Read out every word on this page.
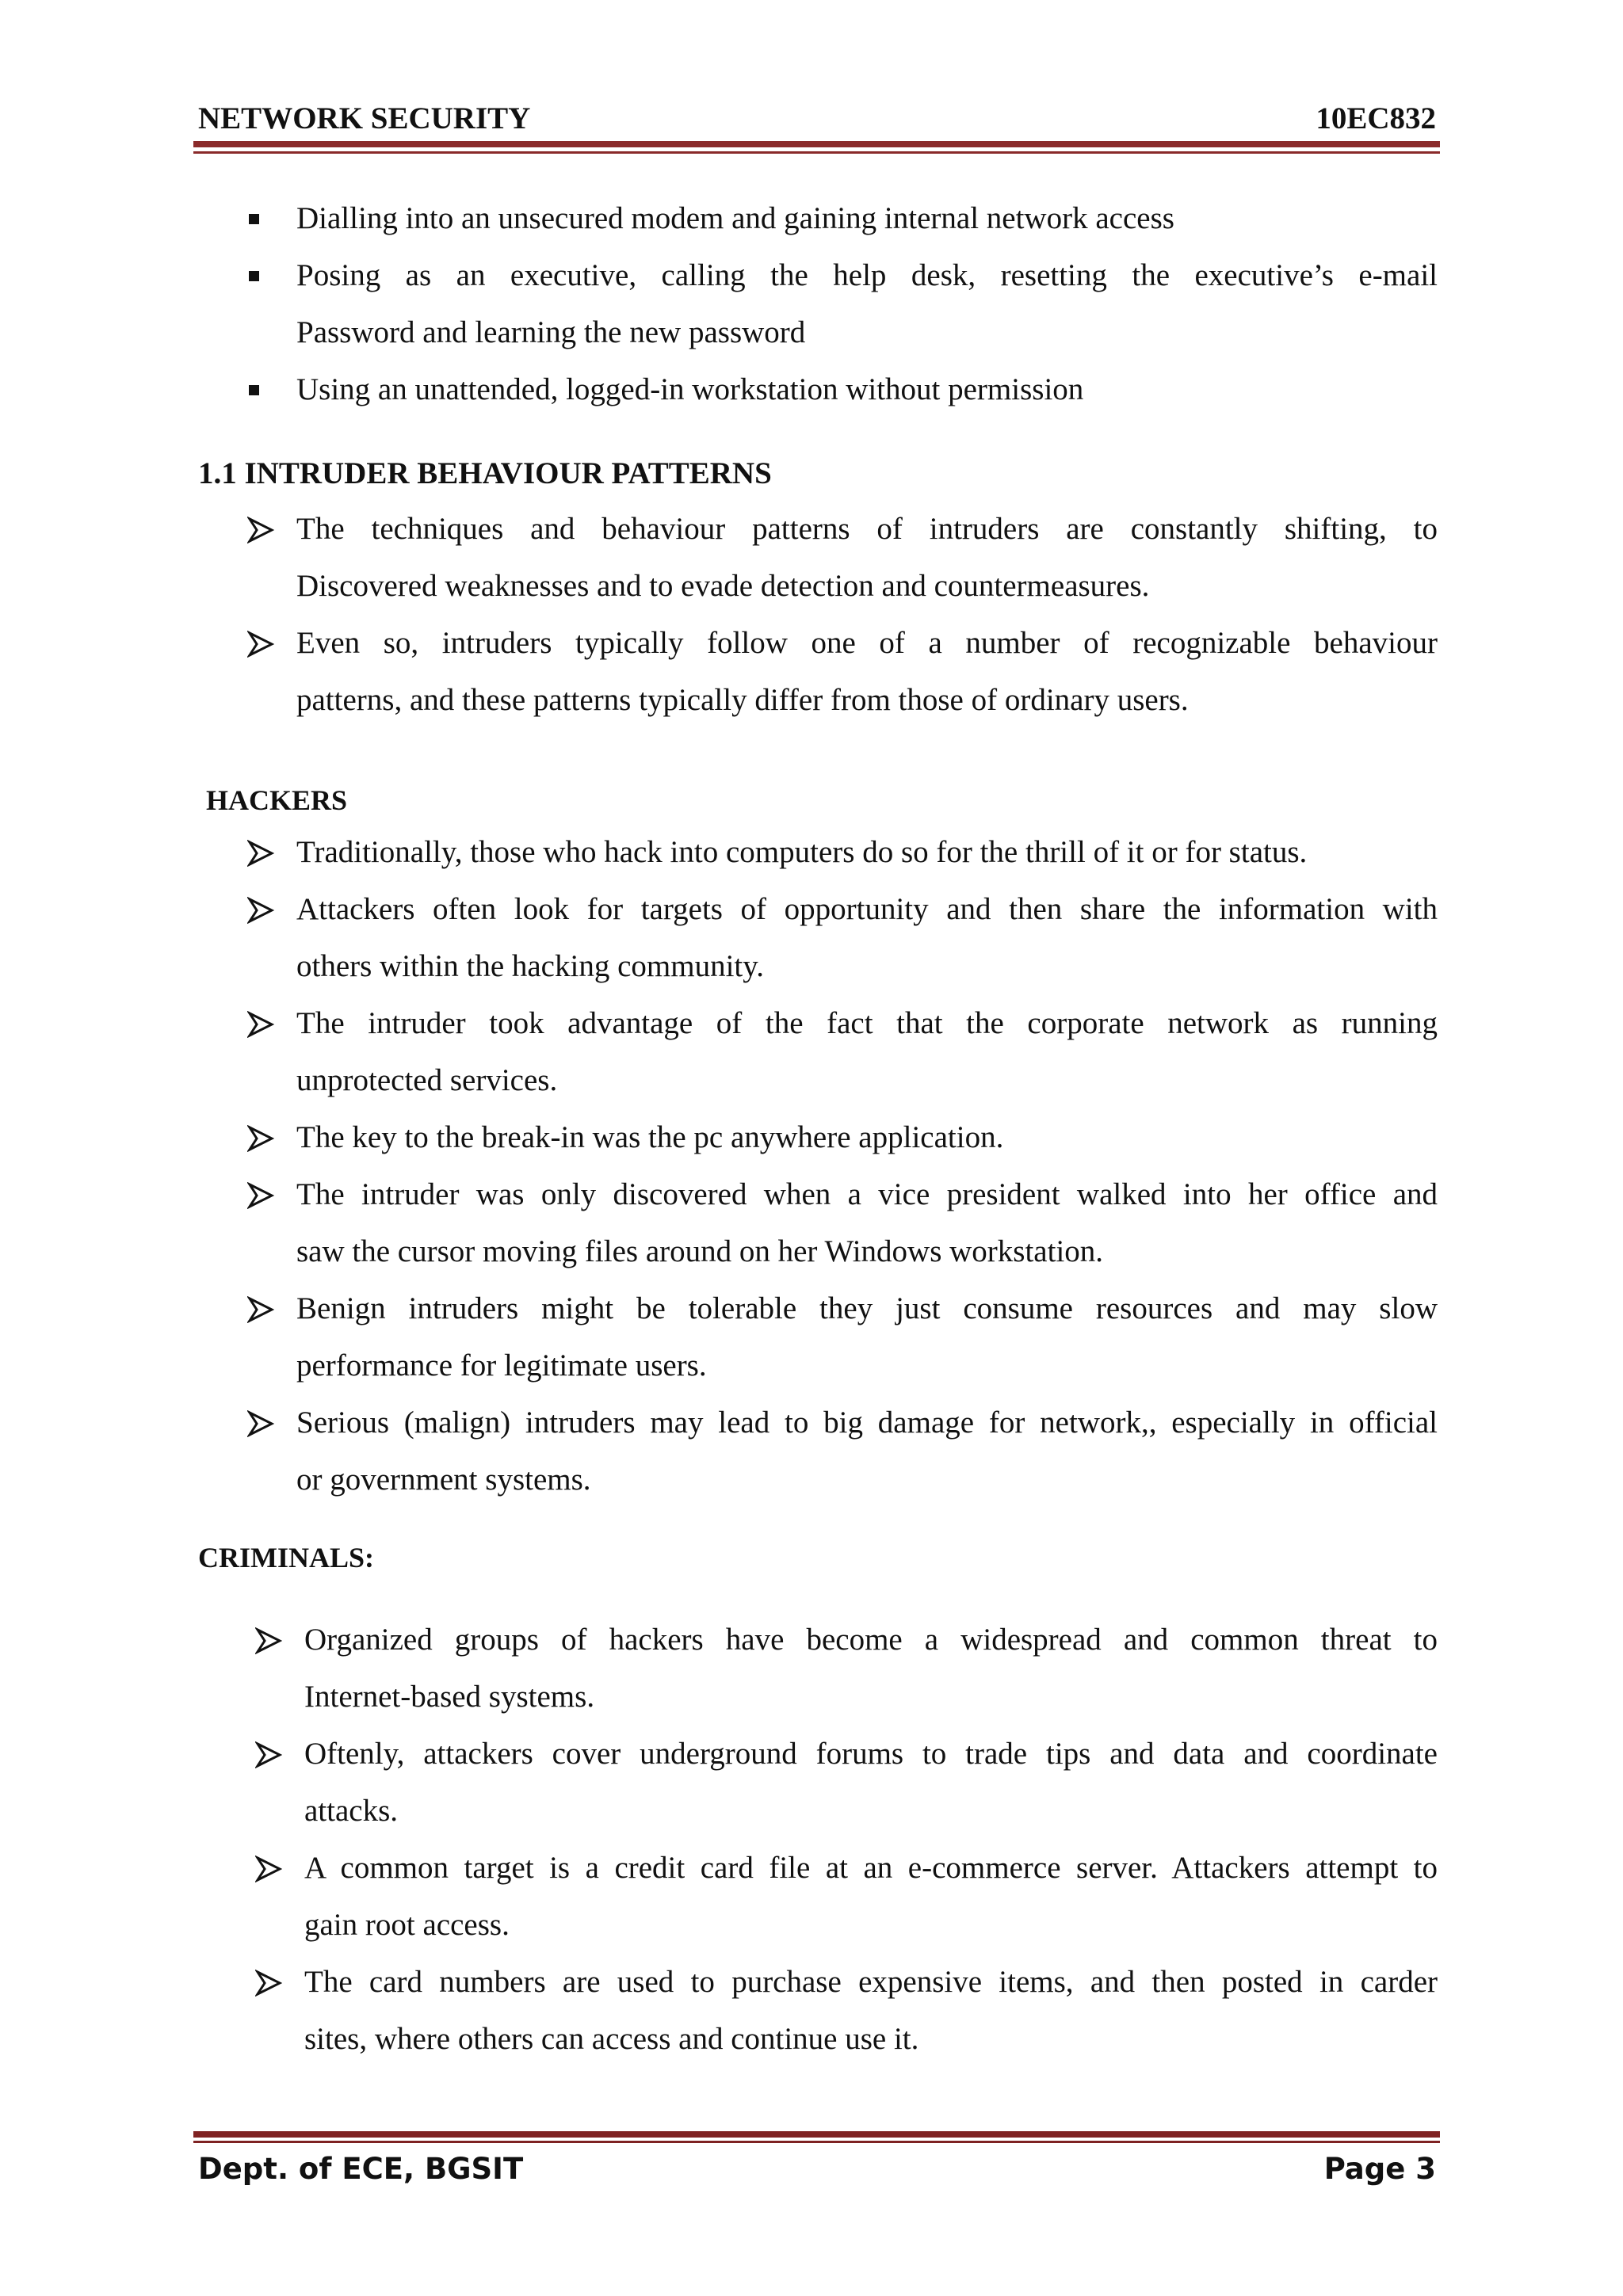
NETWORK SECURITY	10EC832
Dialling into an unsecured modem and gaining internal network access
Posing as an executive, calling the help desk, resetting the executive’s e-mail
Password and learning the new password
Using an unattended, logged-in workstation without permission
1.1 INTRUDER BEHAVIOUR PATTERNS
The techniques and behaviour patterns of intruders are constantly shifting, to
Discovered weaknesses and to evade detection and countermeasures.
Even so, intruders typically follow one of a number of recognizable behaviour
patterns, and these patterns typically differ from those of ordinary users.
HACKERS
Traditionally, those who hack into computers do so for the thrill of it or for status.
Attackers often look for targets of opportunity and then share the information with
others within the hacking community.
The intruder took advantage of the fact that the corporate network as running
unprotected services.
The key to the break-in was the pc anywhere application.
The intruder was only discovered when a vice president walked into her office and
saw the cursor moving files around on her Windows workstation.
Benign intruders might be tolerable they just consume resources and may slow
performance for legitimate users.
Serious (malign) intruders may lead to big damage for network,, especially in official
or government systems.
CRIMINALS:
Organized groups of hackers have become a widespread and common threat to
Internet-based systems.
Oftenly, attackers cover underground forums to trade tips and data and coordinate
attacks.
A common target is a credit card file at an e-commerce server. Attackers attempt to
gain root access.
The card numbers are used to purchase expensive items, and then posted in carder
sites, where others can access and continue use it.
Dept. of ECE, BGSIT	Page 3
